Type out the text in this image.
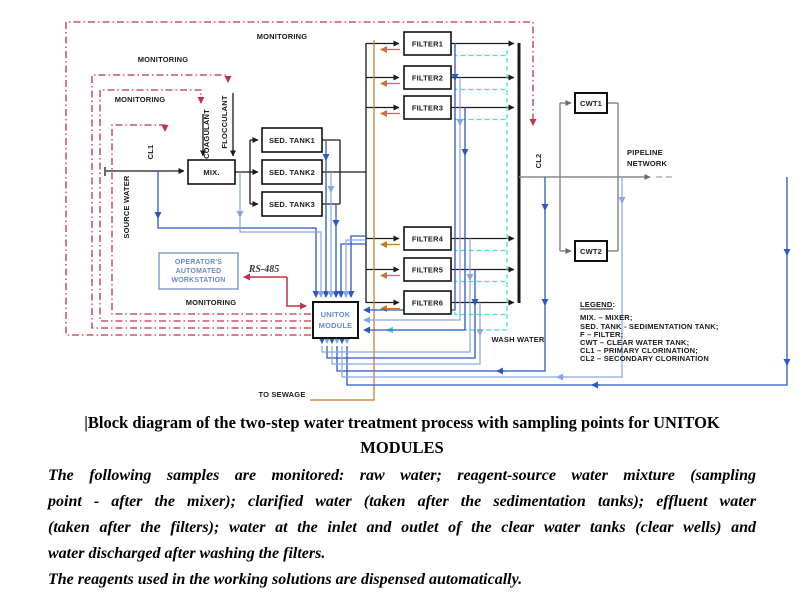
MIX.
SED. TANK1
SED. TANK2
SED. TANK3
FILTER1
FILTER2
FILTER3
FILTER4
FILTER5
FILTER6
CWT1
CWT2
UNITOK
MODULE
OPERATOR'S
AUTOMATED
WORKSTATION
MONITORING
MONITORING
MONITORING
MONITORING
SOURCE WATER
CL1	COAGULANT FLOCCULANT
CL2
RS-485
PIPELINE
NETWORK
WASH WATER
TO SEWAGE
LEGEND:
MIX. – MIXER;
SED. TANK - SEDIMENTATION TANK;
F – FILTER;
CWT – CLEAR WATER TANK;
CL1 – PRIMARY CLORINATION;
CL2 – SECONDARY CLORINATION
|Block diagram of the two-step water treatment process with sampling points for UNITOK
MODULES
The following samples are monitored: raw water; reagent-source water mixture (sampling
point - after the mixer); clarified water (taken after the sedimentation tanks); effluent water
(taken after the filters); water at the inlet and outlet of the clear water tanks (clear wells) and
water discharged after washing the filters.
The reagents used in the working solutions are dispensed automatically.
